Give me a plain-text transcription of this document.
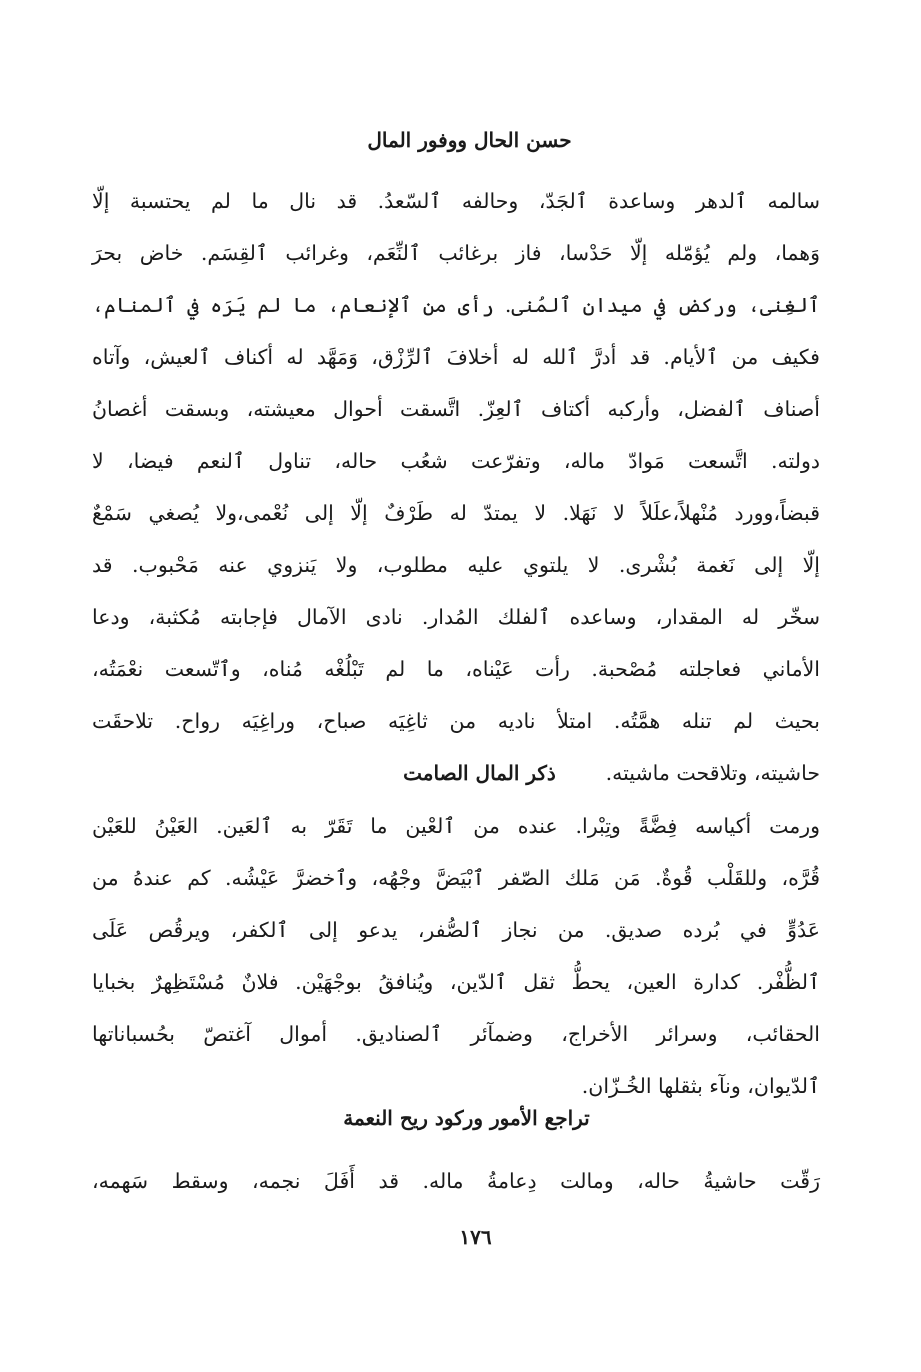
حسن الحال ووفور المال
سالمه ٱلدهر وساعدة ٱلجَدّ، وحالفه ٱلسّعدُ. قد نال ما لم يحتسبة إلّا
وَهما، ولم يُؤمّله إلّا حَدْسا، فاز برغائب ٱلنِّعَم، وغرائب ٱلقِسَم. خاض بحرَ
ٱلغِنى، وركض في ميدان ٱلمُنى. رأى من ٱلإنعام، ما لم يَرَه في ٱلمنام،
فكيف من ٱلأيام. قد أدرَّ ٱلله له أخلافَ ٱلرِّزْق، وَمَهَّد له أكناف ٱلعيش، وآتاه
أصناف ٱلفضل، وأركبه أكتاف ٱلعِزّ. اتَّسقت أحوال معيشته، وبسقت أغصانُ
دولته. اتَّسعت مَوادّ ماله، وتفرّعت شعُب حاله، تناول ٱلنعم فيضا، لا
قبضاً،وورد مُنْهلاً،علَلاً لا نَهَلا. لا يمتدّ له طَرْفٌ إلّا إلى نُعْمى،ولا يُصغي سَمْعٌ
إلّا إلى نَغمة بُشْرى. لا يلتوي عليه مطلوب، ولا يَنزوي عنه مَحْبوب. قد
سخّر له المقدار، وساعده ٱلفلك المُدار. نادى الآمال فإجابته مُكثبة، ودعا
الأماني فعاجلته مُصْحبة. رأت عَيْناه، ما لم تَبْلُغْه مُناه، وٱتّسعت نعْمَتُه،
بحيث لم تنله همَّتُه. امتلأ ناديه من ثاغِيَه صباح، وراغِيَه رواح. تلاحقَت
حاشيته، وتلاقحت ماشيته.
ذكر المال الصامت
ورمت أكياسه فِضَّةً وتِبْرا. عنده من ٱلعْين ما تَقَرّ به ٱلعَين. العَيْنُ للعَيْن
قُرَّه، وللقَلْب قُوةٌ. مَن مَلك الصّفر ٱبْيَضَّ وجْهُه، وٱخضرَّ عَيْشُه. كم عندهُ من
عَدُوٍّ في بُرده صديق. من نجاز ٱلصُّفر، يدعو إلى ٱلكفر، ويرقُص عَلَى
ٱلظُّفْر. كدارة العين، يحطُّ ثقل ٱلدّين، ويُنافقُ بوجْهَيْن. فلانٌ مُسْتَظِهرٌ بخبايا
الحقائب، وسرائر الأخراج، وضمآئر ٱلصناديق. أموال آغتصّ بحُسباناتها
ٱلدّيوان، ونآء بثقلها الخُـزّان.
تراجع الأمور وركود ريح النعمة
رَقّت حاشيةُ حاله، ومالت دِعامةُ ماله. قد أَفَلَ نجمه، وسقط سَهمه،
١٧٦
